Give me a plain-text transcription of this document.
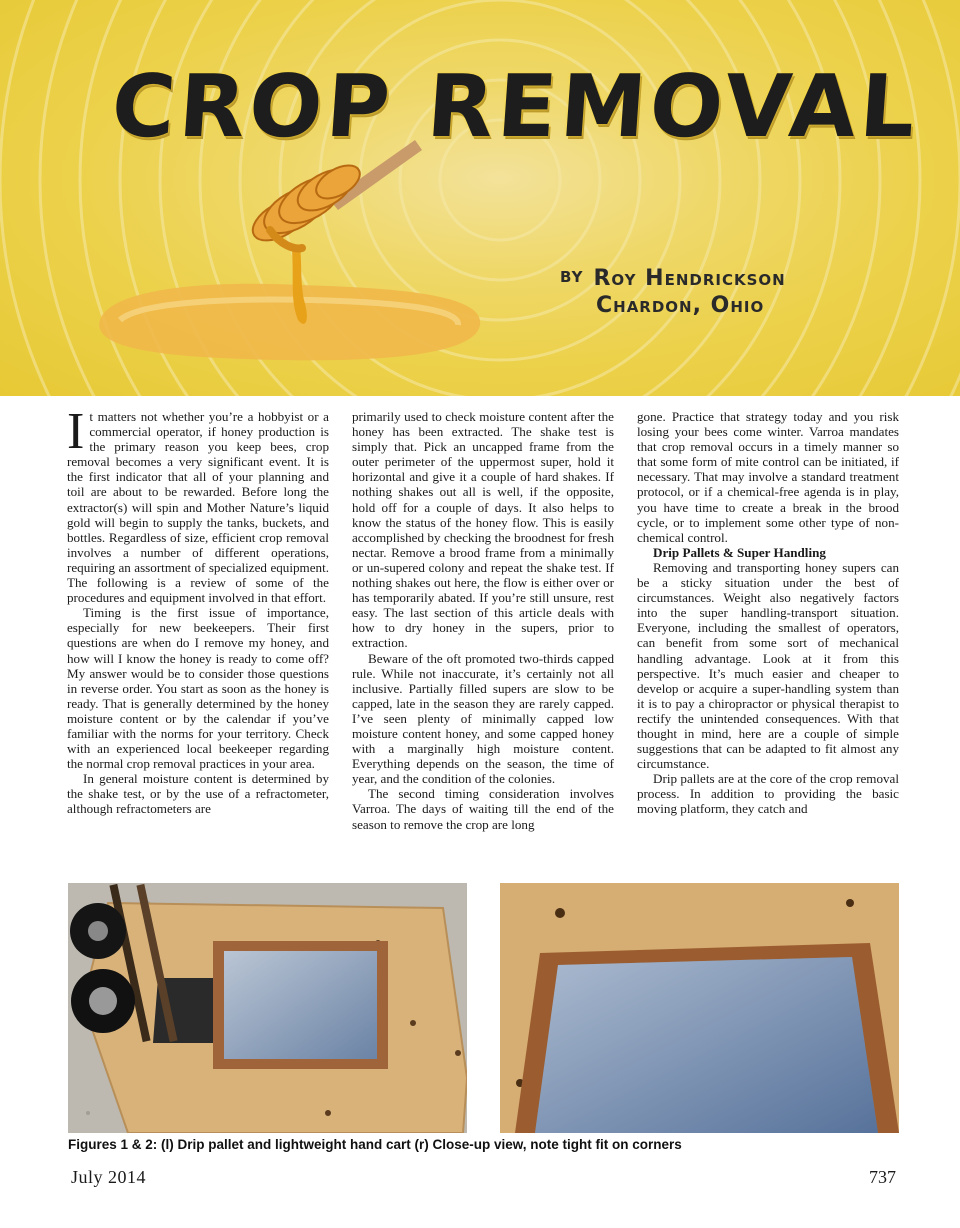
CROP REMOVAL
BY Roy Hendrickson
Chardon, Ohio

It matters not whether you’re a hobbyist or a commercial operator, if honey production is the primary reason you keep bees, crop removal becomes a very significant event. It is the first indicator that all of your planning and toil are about to be rewarded. Before long the extractor(s) will spin and Mother Nature’s liquid gold will begin to supply the tanks, buckets, and bottles. Regardless of size, efficient crop removal involves a number of different operations, requiring an assortment of specialized equipment. The following is a review of some of the procedures and equipment involved in that effort.

Timing is the first issue of importance, especially for new beekeepers. Their first questions are when do I remove my honey, and how will I know the honey is ready to come off? My answer would be to consider those questions in reverse order. You start as soon as the honey is ready. That is generally determined by the honey moisture content or by the calendar if you’ve familiar with the norms for your territory. Check with an experienced local beekeeper regarding the normal crop removal practices in your area.

In general moisture content is determined by the shake test, or by the use of a refractometer, although refractometers are

primarily used to check moisture content after the honey has been extracted. The shake test is simply that. Pick an uncapped frame from the outer perimeter of the uppermost super, hold it horizontal and give it a couple of hard shakes. If nothing shakes out all is well, if the opposite, hold off for a couple of days. It also helps to know the status of the honey flow. This is easily accomplished by checking the broodnest for fresh nectar. Remove a brood frame from a minimally or un-supered colony and repeat the shake test. If nothing shakes out here, the flow is either over or has temporarily abated. If you’re still unsure, rest easy. The last section of this article deals with how to dry honey in the supers, prior to extraction.

Beware of the oft promoted two-thirds capped rule. While not inaccurate, it’s certainly not all inclusive. Partially filled supers are slow to be capped, late in the season they are rarely capped. I’ve seen plenty of minimally capped low moisture content honey, and some capped honey with a marginally high moisture content. Everything depends on the season, the time of year, and the condition of the colonies.

The second timing consideration involves Varroa. The days of waiting till the end of the season to remove the crop are long

gone. Practice that strategy today and you risk losing your bees come winter. Varroa mandates that crop removal occurs in a timely manner so that some form of mite control can be initiated, if necessary. That may involve a standard treatment protocol, or if a chemical-free agenda is in play, you have time to create a break in the brood cycle, or to implement some other type of non-chemical control.

Drip Pallets & Super Handling

Removing and transporting honey supers can be a sticky situation under the best of circumstances. Weight also negatively factors into the super handling-transport situation. Everyone, including the smallest of operators, can benefit from some sort of mechanical handling advantage. Look at it from this perspective. It’s much easier and cheaper to develop or acquire a super-handling system than it is to pay a chiropractor or physical therapist to rectify the unintended consequences. With that thought in mind, here are a couple of simple suggestions that can be adapted to fit almost any circumstance.

Drip pallets are at the core of the crop removal process. In addition to providing the basic moving platform, they catch and

Figures 1 & 2: (l) Drip pallet and lightweight hand cart (r) Close-up view, note tight fit on corners
July 2014	737
